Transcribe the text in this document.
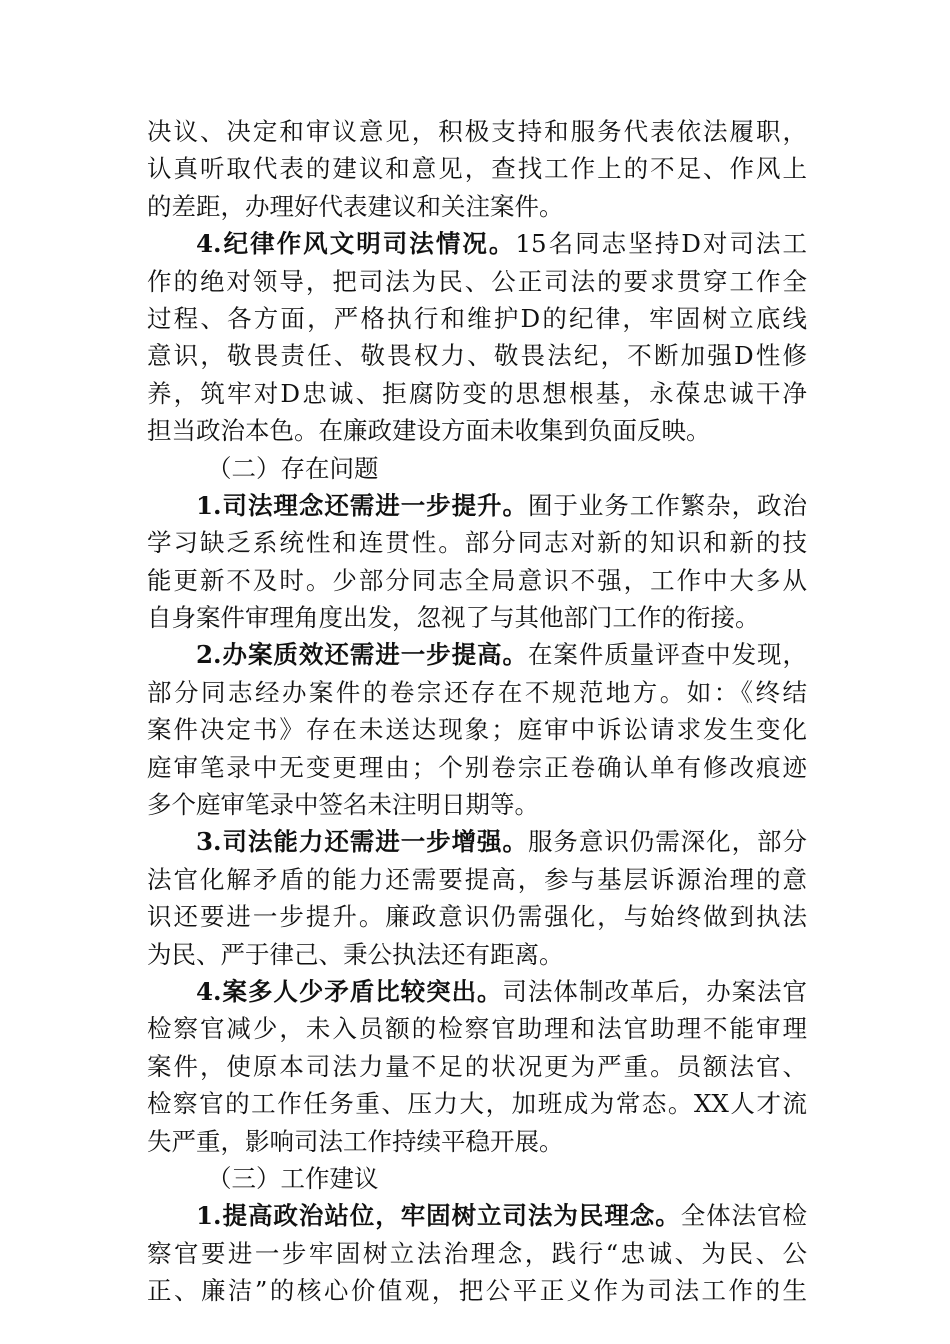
决议、决定和审议意见，积极支持和服务代表依法履职，
认真听取代表的建议和意见，查找工作上的不足、作风上
的差距，办理好代表建议和关注案件。
4.纪律作风文明司法情况。15名同志坚持D对司法工
作的绝对领导，把司法为民、公正司法的要求贯穿工作全
过程、各方面，严格执行和维护D的纪律，牢固树立底线
意识，敬畏责任、敬畏权力、敬畏法纪，不断加强D性修
养，筑牢对D忠诚、拒腐防变的思想根基，永葆忠诚干净
担当政治本色。在廉政建设方面未收集到负面反映。
（二）存在问题
1.司法理念还需进一步提升。囿于业务工作繁杂，政治
学习缺乏系统性和连贯性。部分同志对新的知识和新的技
能更新不及时。少部分同志全局意识不强，工作中大多从
自身案件审理角度出发，忽视了与其他部门工作的衔接。
2.办案质效还需进一步提高。在案件质量评查中发现，
部分同志经办案件的卷宗还存在不规范地方。如：《终结
案件决定书》存在未送达现象；庭审中诉讼请求发生变化
庭审笔录中无变更理由；个别卷宗正卷确认单有修改痕迹
多个庭审笔录中签名未注明日期等。
3.司法能力还需进一步增强。服务意识仍需深化，部分
法官化解矛盾的能力还需要提高，参与基层诉源治理的意
识还要进一步提升。廉政意识仍需强化，与始终做到执法
为民、严于律己、秉公执法还有距离。
4.案多人少矛盾比较突出。司法体制改革后，办案法官
检察官减少，未入员额的检察官助理和法官助理不能审理
案件，使原本司法力量不足的状况更为严重。员额法官、
检察官的工作任务重、压力大，加班成为常态。XX人才流
失严重，影响司法工作持续平稳开展。
（三）工作建议
1.提高政治站位，牢固树立司法为民理念。全体法官检
察官要进一步牢固树立法治理念，践行“忠诚、为民、公
正、廉洁”的核心价值观，把公平正义作为司法工作的生
